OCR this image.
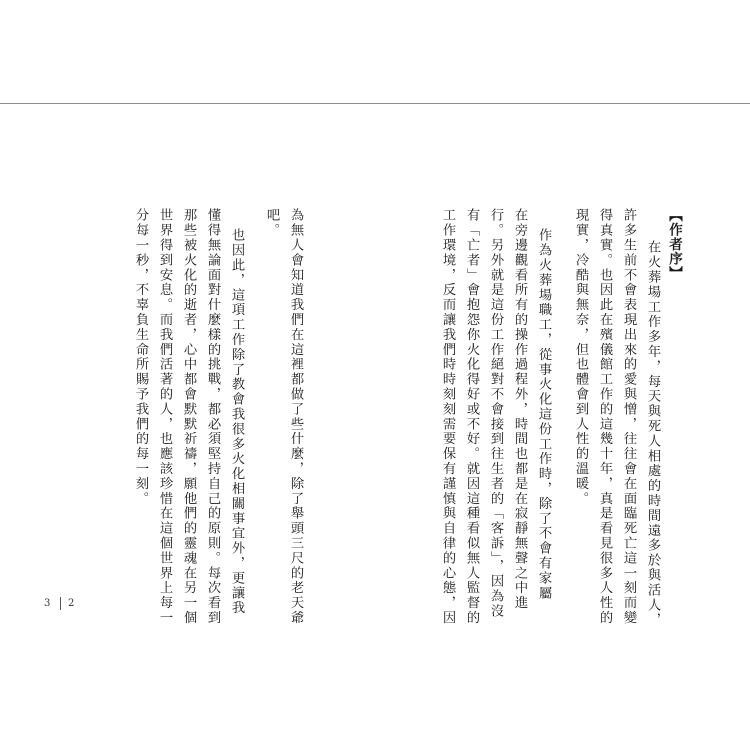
【作者序】
在火葬場工作多年，每天與死人相處的時間遠多於與活人，
許多生前不會表現出來的愛與憎，往往會在面臨死亡這一刻而變
得真實。也因此在殯儀館工作的這幾十年，真是看見很多人性的
現實，冷酷與無奈，但也體會到人性的溫暖。
作為火葬場職工，從事火化這份工作時，除了不會有家屬
在旁邊觀看所有的操作過程外，時間也都是在寂靜無聲之中進
行。另外就是這份工作絕對不會接到往生者的「客訴」，因為沒
有「亡者」會抱怨你火化得好或不好。就因這種看似無人監督的
工作環境，反而讓我們時時刻刻需要保有謹慎與自律的心態，因
為無人會知道我們在這裡都做了些什麼，除了舉頭三尺的老天爺
吧。
也因此，這項工作除了教會我很多火化相關事宜外，更讓我
懂得無論面對什麼樣的挑戰，都必須堅持自己的原則。每次看到
那些被火化的逝者，心中都會默默祈禱，願他們的靈魂在另一個
世界得到安息。而我們活著的人，也應該珍惜在這個世界上每一
分每一秒，不辜負生命所賜予我們的每一刻。
3 2
